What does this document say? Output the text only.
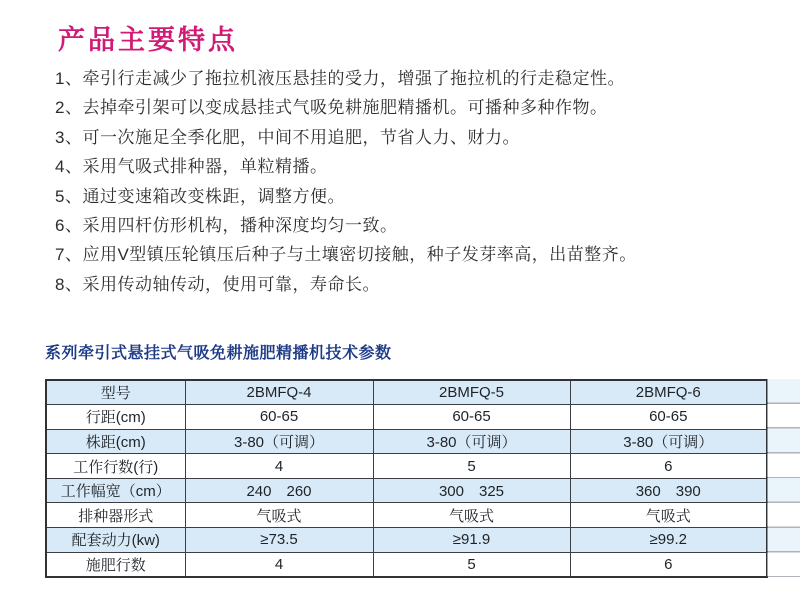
产品主要特点
1、牵引行走减少了拖拉机液压悬挂的受力，增强了拖拉机的行走稳定性。
2、去掉牵引架可以变成悬挂式气吸免耕施肥精播机。可播种多种作物。
3、可一次施足全季化肥，中间不用追肥，节省人力、财力。
4、采用气吸式排种器，单粒精播。
5、通过变速箱改变株距，调整方便。
6、采用四杆仿形机构，播种深度均匀一致。
7、应用V型镇压轮镇压后种子与土壤密切接触，种子发芽率高，出苗整齐。
8、采用传动轴传动，使用可靠，寿命长。
系列牵引式悬挂式气吸免耕施肥精播机技术参数
型号	2BMFQ-4	2BMFQ-5	2BMFQ-6
行距(cm)	60-65	60-65	60-65
株距(cm)	3-80（可调）	3-80（可调）	3-80（可调）
工作行数(行)	4	5	6
工作幅宽（cm）	240　260	300　325	360　390
排种器形式	气吸式	气吸式	气吸式
配套动力(kw)	≥73.5	≥91.9	≥99.2
施肥行数	4	5	6
